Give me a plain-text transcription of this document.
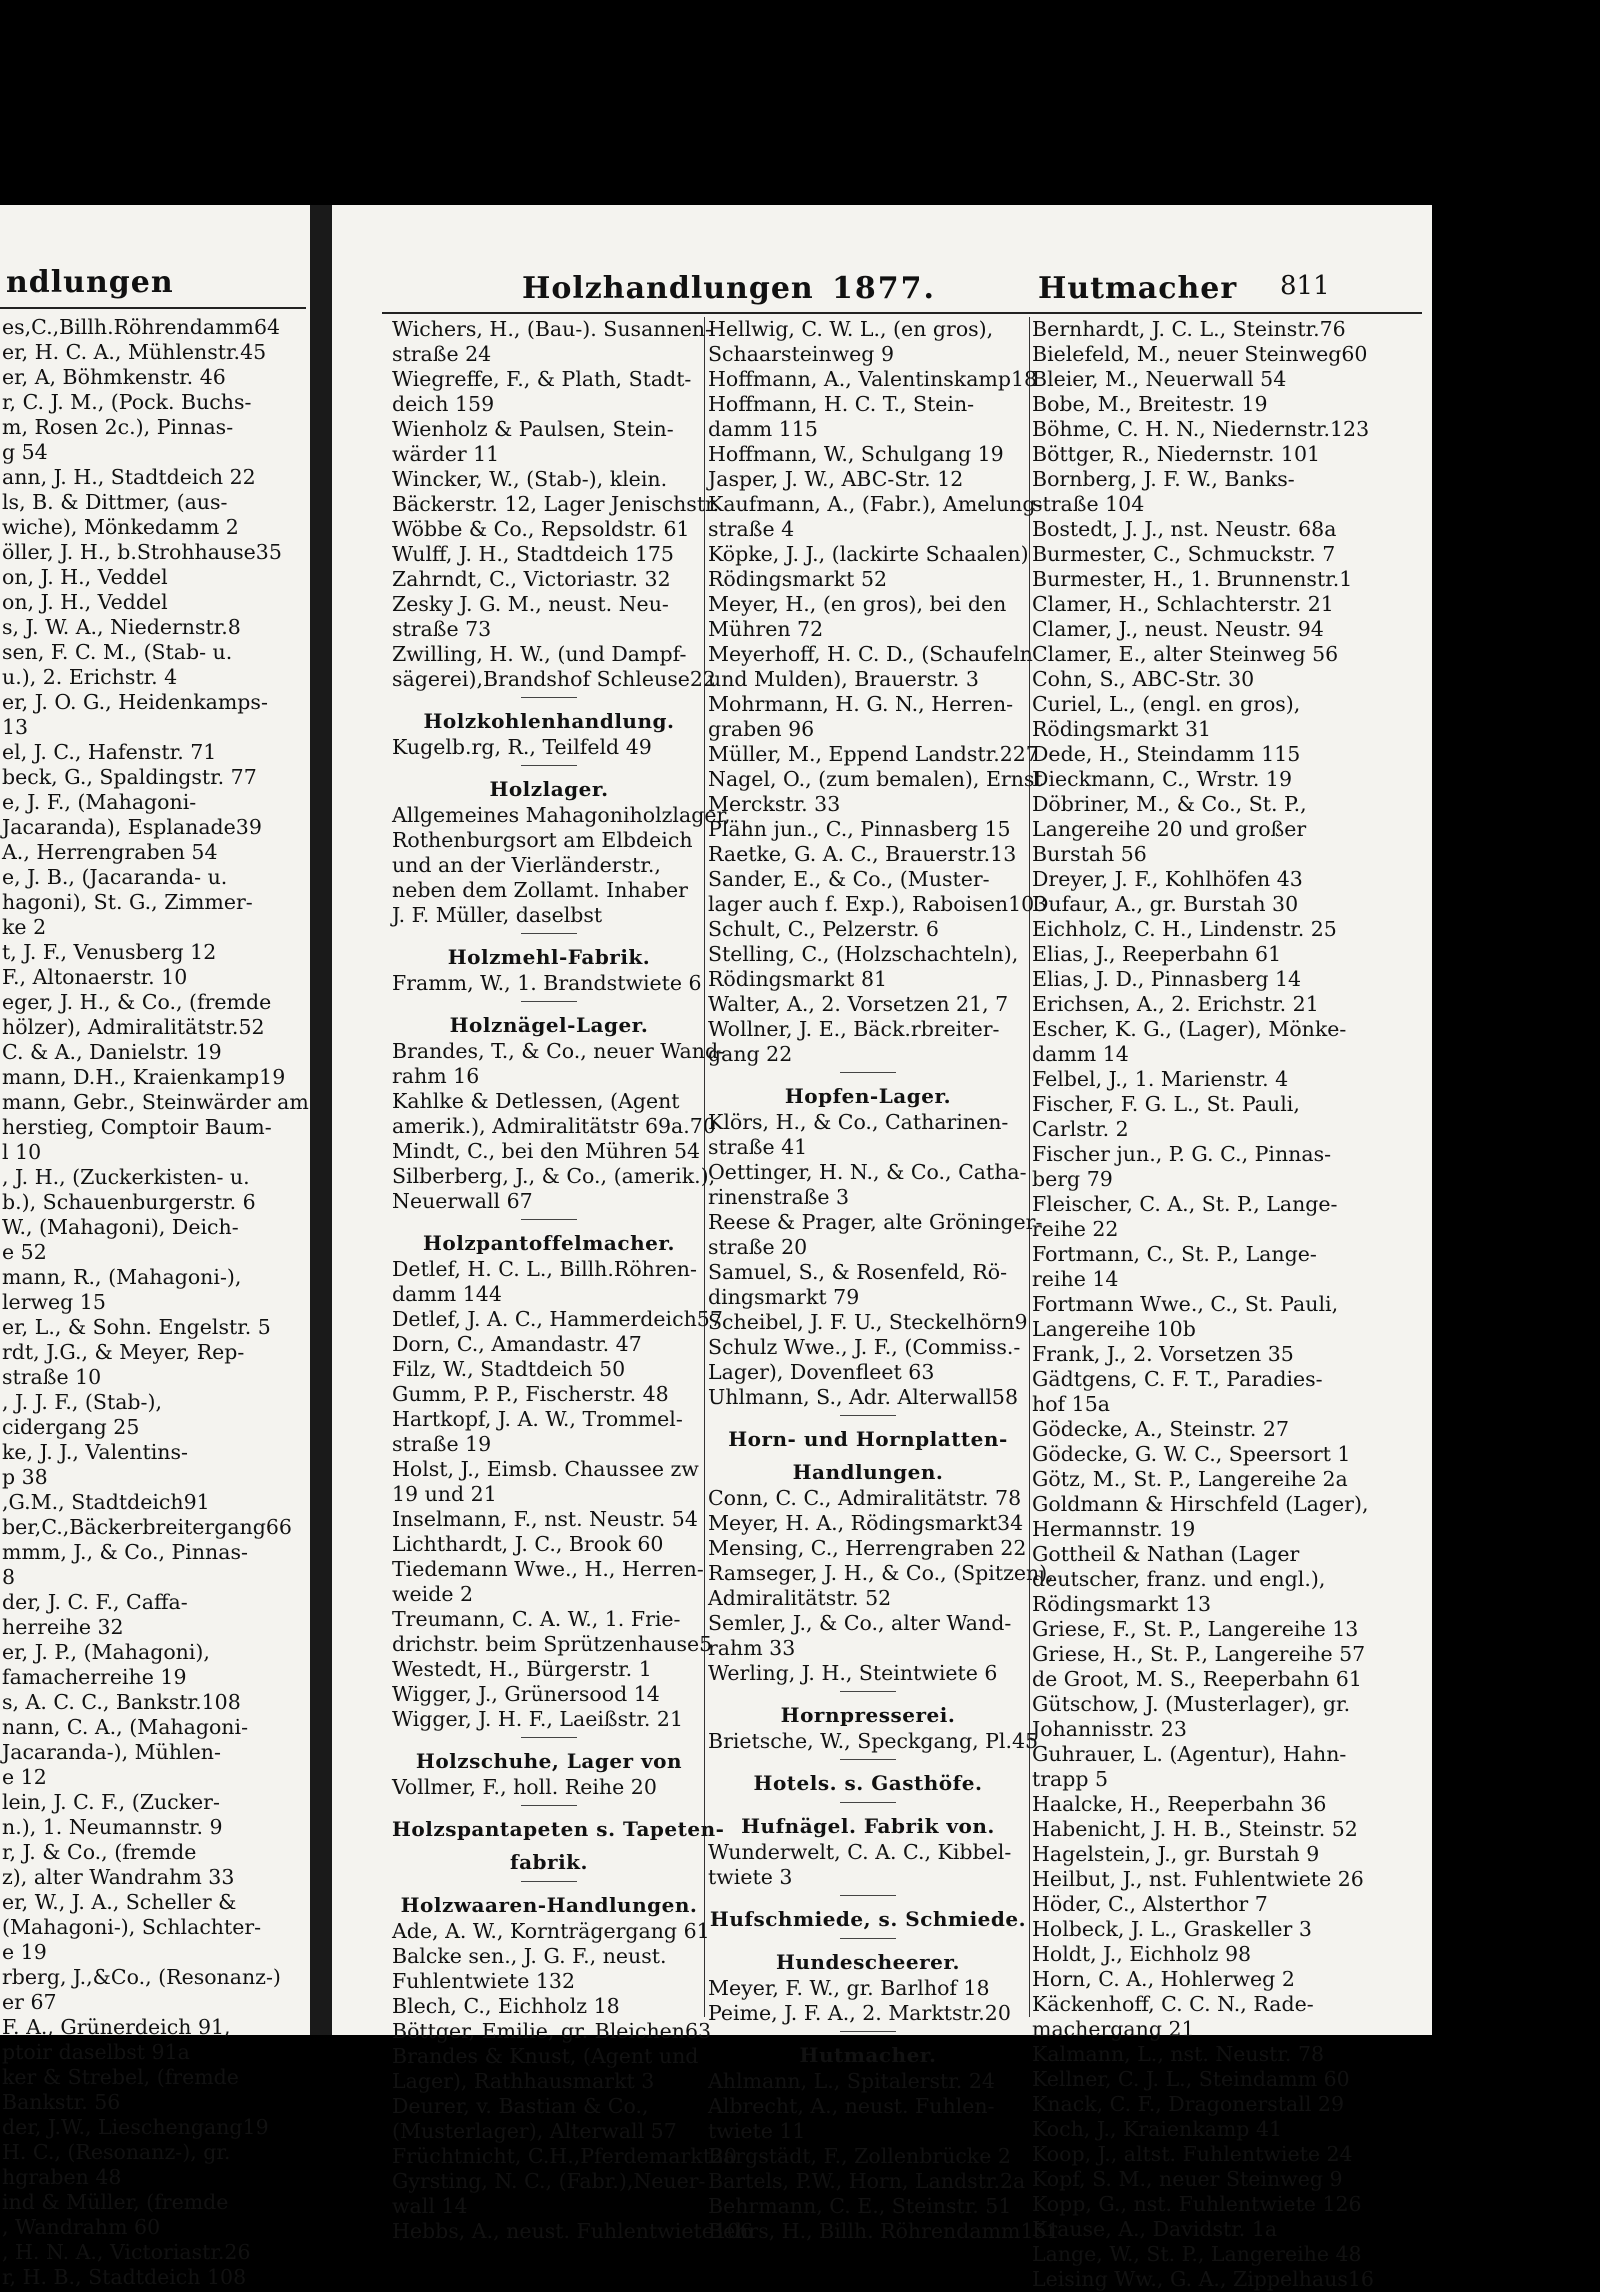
ndlungen
es,C.,Billh.Röhrendamm64
er, H. C. A., Mühlenstr.45
er, A, Böhmkenstr. 46
r, C. J. M., (Pock. Buchs-
m, Rosen 2c.), Pinnas-
g 54
ann, J. H., Stadtdeich 22
ls, B. & Dittmer, (aus-
wiche), Mönkedamm 2
öller, J. H., b.Strohhause35
on, J. H., Veddel
on, J. H., Veddel
s, J. W. A., Niedernstr.8
sen, F. C. M., (Stab- u.
u.), 2. Erichstr. 4
er, J. O. G., Heidenkamps-
13
el, J. C., Hafenstr. 71
beck, G., Spaldingstr. 77
e, J. F., (Mahagoni-
Jacaranda), Esplanade39
A., Herrengraben 54
e, J. B., (Jacaranda- u.
hagoni), St. G., Zimmer-
ke 2
t, J. F., Venusberg 12
F., Altonaerstr. 10
eger, J. H., & Co., (fremde
hölzer), Admiralitätstr.52
C. & A., Danielstr. 19
mann, D.H., Kraienkamp19
mann, Gebr., Steinwärder am
herstieg, Comptoir Baum-
l 10
, J. H., (Zuckerkisten- u.
b.), Schauenburgerstr. 6
W., (Mahagoni), Deich-
e 52
mann, R., (Mahagoni-),
lerweg 15
er, L., & Sohn. Engelstr. 5
rdt, J.G., & Meyer, Rep-
straße 10
, J. J. F., (Stab-),
cidergang 25
ke, J. J., Valentins-
p 38
,G.M., Stadtdeich91
ber,C.,Bäckerbreitergang66
mmm, J., & Co., Pinnas-
8
der, J. C. F., Caffa-
herreihe 32
er, J. P., (Mahagoni),
famacherreihe 19
s, A. C. C., Bankstr.108
nann, C. A., (Mahagoni-
Jacaranda-), Mühlen-
e 12
lein, J. C. F., (Zucker-
n.), 1. Neumannstr. 9
r, J. & Co., (fremde
z), alter Wandrahm 33
er, W., J. A., Scheller &
(Mahagoni-), Schlachter-
e 19
rberg, J.,&Co., (Resonanz-)
er 67
F. A., Grünerdeich 91,
ptoir daselbst 91a
ker & Strebel, (fremde
Bankstr. 56
der, J.W., Lieschengang19
H. C., (Resonanz-), gr.
hgraben 48
ind & Müller, (fremde
, Wandrahm 60
, H. N. A., Victoriastr.26
r, H. B., Stadtdeich 108
Holzhandlungen 1877.	Hutmacher 811
Wichers, H., (Bau-). Susannen-
straße 24
Wiegreffe, F., & Plath, Stadt-
deich 159
Wienholz & Paulsen, Stein-
wärder 11
Wincker, W., (Stab-), klein.
Bäckerstr. 12, Lager Jenischstr.
Wöbbe & Co., Repsoldstr. 61
Wulff, J. H., Stadtdeich 175
Zahrndt, C., Victoriastr. 32
Zesky J. G. M., neust. Neu-
straße 73
Zwilling, H. W., (und Dampf-
sägerei),Brandshof Schleuse22
Holzkohlenhandlung.
Kugelb.rg, R., Teilfeld 49
Holzlager.
Allgemeines Mahagoniholzlager,
Rothenburgsort am Elbdeich
und an der Vierländerstr.,
neben dem Zollamt. Inhaber
J. F. Müller, daselbst
Holzmehl-Fabrik.
Framm, W., 1. Brandstwiete 6
Holznägel-Lager.
Brandes, T., & Co., neuer Wand-
rahm 16
Kahlke & Detlessen, (Agent
amerik.), Admiralitätstr 69a.70
Mindt, C., bei den Mühren 54
Silberberg, J., & Co., (amerik.),
Neuerwall 67
Holzpantoffelmacher.
Detlef, H. C. L., Billh.Röhren-
damm 144
Detlef, J. A. C., Hammerdeich57
Dorn, C., Amandastr. 47
Filz, W., Stadtdeich 50
Gumm, P. P., Fischerstr. 48
Hartkopf, J. A. W., Trommel-
straße 19
Holst, J., Eimsb. Chaussee zw
19 und 21
Inselmann, F., nst. Neustr. 54
Lichthardt, J. C., Brook 60
Tiedemann Wwe., H., Herren-
weide 2
Treumann, C. A. W., 1. Frie-
drichstr. beim Sprützenhause5
Westedt, H., Bürgerstr. 1
Wigger, J., Grünersood 14
Wigger, J. H. F., Laeißstr. 21
Holzschuhe, Lager von
Vollmer, F., holl. Reihe 20
Holzspantapeten s. Tapeten-
fabrik.
Holzwaaren-Handlungen.
Ade, A. W., Kornträgergang 61
Balcke sen., J. G. F., neust.
Fuhlentwiete 132
Blech, C., Eichholz 18
Böttger, Emilie, gr. Bleichen63
Brandes & Knust, (Agent und
Lager), Rathhausmarkt 3
Deurer, v. Bastian & Co.,
(Musterlager), Alterwall 57
Früchtnicht, C.H.,Pferdemarkt20
Gyrsting, N. C., (Fabr.),Neuer-
wall 14
Hebbs, A., neust. Fuhlentwiete106
Hellwig, C. W. L., (en gros),
Schaarsteinweg 9
Hoffmann, A., Valentinskamp18
Hoffmann, H. C. T., Stein-
damm 115
Hoffmann, W., Schulgang 19
Jasper, J. W., ABC-Str. 12
Kaufmann, A., (Fabr.), Amelung-
straße 4
Köpke, J. J., (lackirte Schaalen)
Rödingsmarkt 52
Meyer, H., (en gros), bei den
Mühren 72
Meyerhoff, H. C. D., (Schaufeln
und Mulden), Brauerstr. 3
Mohrmann, H. G. N., Herren-
graben 96
Müller, M., Eppend Landstr.227
Nagel, O., (zum bemalen), Ernst
Merckstr. 33
Plähn jun., C., Pinnasberg 15
Raetke, G. A. C., Brauerstr.13
Sander, E., & Co., (Muster-
lager auch f. Exp.), Raboisen103
Schult, C., Pelzerstr. 6
Stelling, C., (Holzschachteln),
Rödingsmarkt 81
Walter, A., 2. Vorsetzen 21, 7
Wollner, J. E., Bäck.rbreiter-
gang 22
Hopfen-Lager.
Klörs, H., & Co., Catharinen-
straße 41
Oettinger, H. N., & Co., Catha-
rinenstraße 3
Reese & Prager, alte Gröninger-
straße 20
Samuel, S., & Rosenfeld, Rö-
dingsmarkt 79
Scheibel, J. F. U., Steckelhörn9
Schulz Wwe., J. F., (Commiss.-
Lager), Dovenfleet 63
Uhlmann, S., Adr. Alterwall58
Horn- und Hornplatten-
Handlungen.
Conn, C. C., Admiralitätstr. 78
Meyer, H. A., Rödingsmarkt34
Mensing, C., Herrengraben 22
Ramseger, J. H., & Co., (Spitzen),
Admiralitätstr. 52
Semler, J., & Co., alter Wand-
rahm 33
Werling, J. H., Steintwiete 6
Hornpresserei.
Brietsche, W., Speckgang, Pl.45
Hotels. s. Gasthöfe.
Hufnägel. Fabrik von.
Wunderwelt, C. A. C., Kibbel-
twiete 3
Hufschmiede, s. Schmiede.
Hundescheerer.
Meyer, F. W., gr. Barlhof 18
Peime, J. F. A., 2. Marktstr.20
Hutmacher.
Ahlmann, L., Spitalerstr. 24
Albrecht, A., neust. Fuhlen-
twiete 11
Bargstädt, F., Zollenbrücke 2
Bartels, P.W., Horn, Landstr.2a
Behrmann, C. E., Steinstr. 51
Behrs, H., Billh. Röhrendamm151
Bernhardt, J. C. L., Steinstr.76
Bielefeld, M., neuer Steinweg60
Bleier, M., Neuerwall 54
Bobe, M., Breitestr. 19
Böhme, C. H. N., Niedernstr.123
Böttger, R., Niedernstr. 101
Bornberg, J. F. W., Banks-
straße 104
Bostedt, J. J., nst. Neustr. 68a
Burmester, C., Schmuckstr. 7
Burmester, H., 1. Brunnenstr.1
Clamer, H., Schlachterstr. 21
Clamer, J., neust. Neustr. 94
Clamer, E., alter Steinweg 56
Cohn, S., ABC-Str. 30
Curiel, L., (engl. en gros),
Rödingsmarkt 31
Dede, H., Steindamm 115
Dieckmann, C., Wrstr. 19
Döbriner, M., & Co., St. P.,
Langereihe 20 und großer
Burstah 56
Dreyer, J. F., Kohlhöfen 43
Dufaur, A., gr. Burstah 30
Eichholz, C. H., Lindenstr. 25
Elias, J., Reeperbahn 61
Elias, J. D., Pinnasberg 14
Erichsen, A., 2. Erichstr. 21
Escher, K. G., (Lager), Mönke-
damm 14
Felbel, J., 1. Marienstr. 4
Fischer, F. G. L., St. Pauli,
Carlstr. 2
Fischer jun., P. G. C., Pinnas-
berg 79
Fleischer, C. A., St. P., Lange-
reihe 22
Fortmann, C., St. P., Lange-
reihe 14
Fortmann Wwe., C., St. Pauli,
Langereihe 10b
Frank, J., 2. Vorsetzen 35
Gädtgens, C. F. T., Paradies-
hof 15a
Gödecke, A., Steinstr. 27
Gödecke, G. W. C., Speersort 1
Götz, M., St. P., Langereihe 2a
Goldmann & Hirschfeld (Lager),
Hermannstr. 19
Gottheil & Nathan (Lager
deutscher, franz. und engl.),
Rödingsmarkt 13
Griese, F., St. P., Langereihe 13
Griese, H., St. P., Langereihe 57
de Groot, M. S., Reeperbahn 61
Gütschow, J. (Musterlager), gr.
Johannisstr. 23
Guhrauer, L. (Agentur), Hahn-
trapp 5
Haalcke, H., Reeperbahn 36
Habenicht, J. H. B., Steinstr. 52
Hagelstein, J., gr. Burstah 9
Heilbut, J., nst. Fuhlentwiete 26
Höder, C., Alsterthor 7
Holbeck, J. L., Graskeller 3
Holdt, J., Eichholz 98
Horn, C. A., Hohlerweg 2
Käckenhoff, C. C. N., Rade-
machergang 21
Kalmann, L., nst. Neustr. 78
Kellner, C. J. L., Steindamm 60
Knack, C. F., Dragonerstall 29
Koch, J., Kraienkamp 41
Koop, J., altst. Fuhlentwiete 24
Kopf, S. M., neuer Steinweg 9
Kopp, G., nst. Fuhlentwiete 126
Krause, A., Davidstr. 1a
Lange, W., St. P., Langereihe 48
Leising Ww., G. A., Zippelhaus16
